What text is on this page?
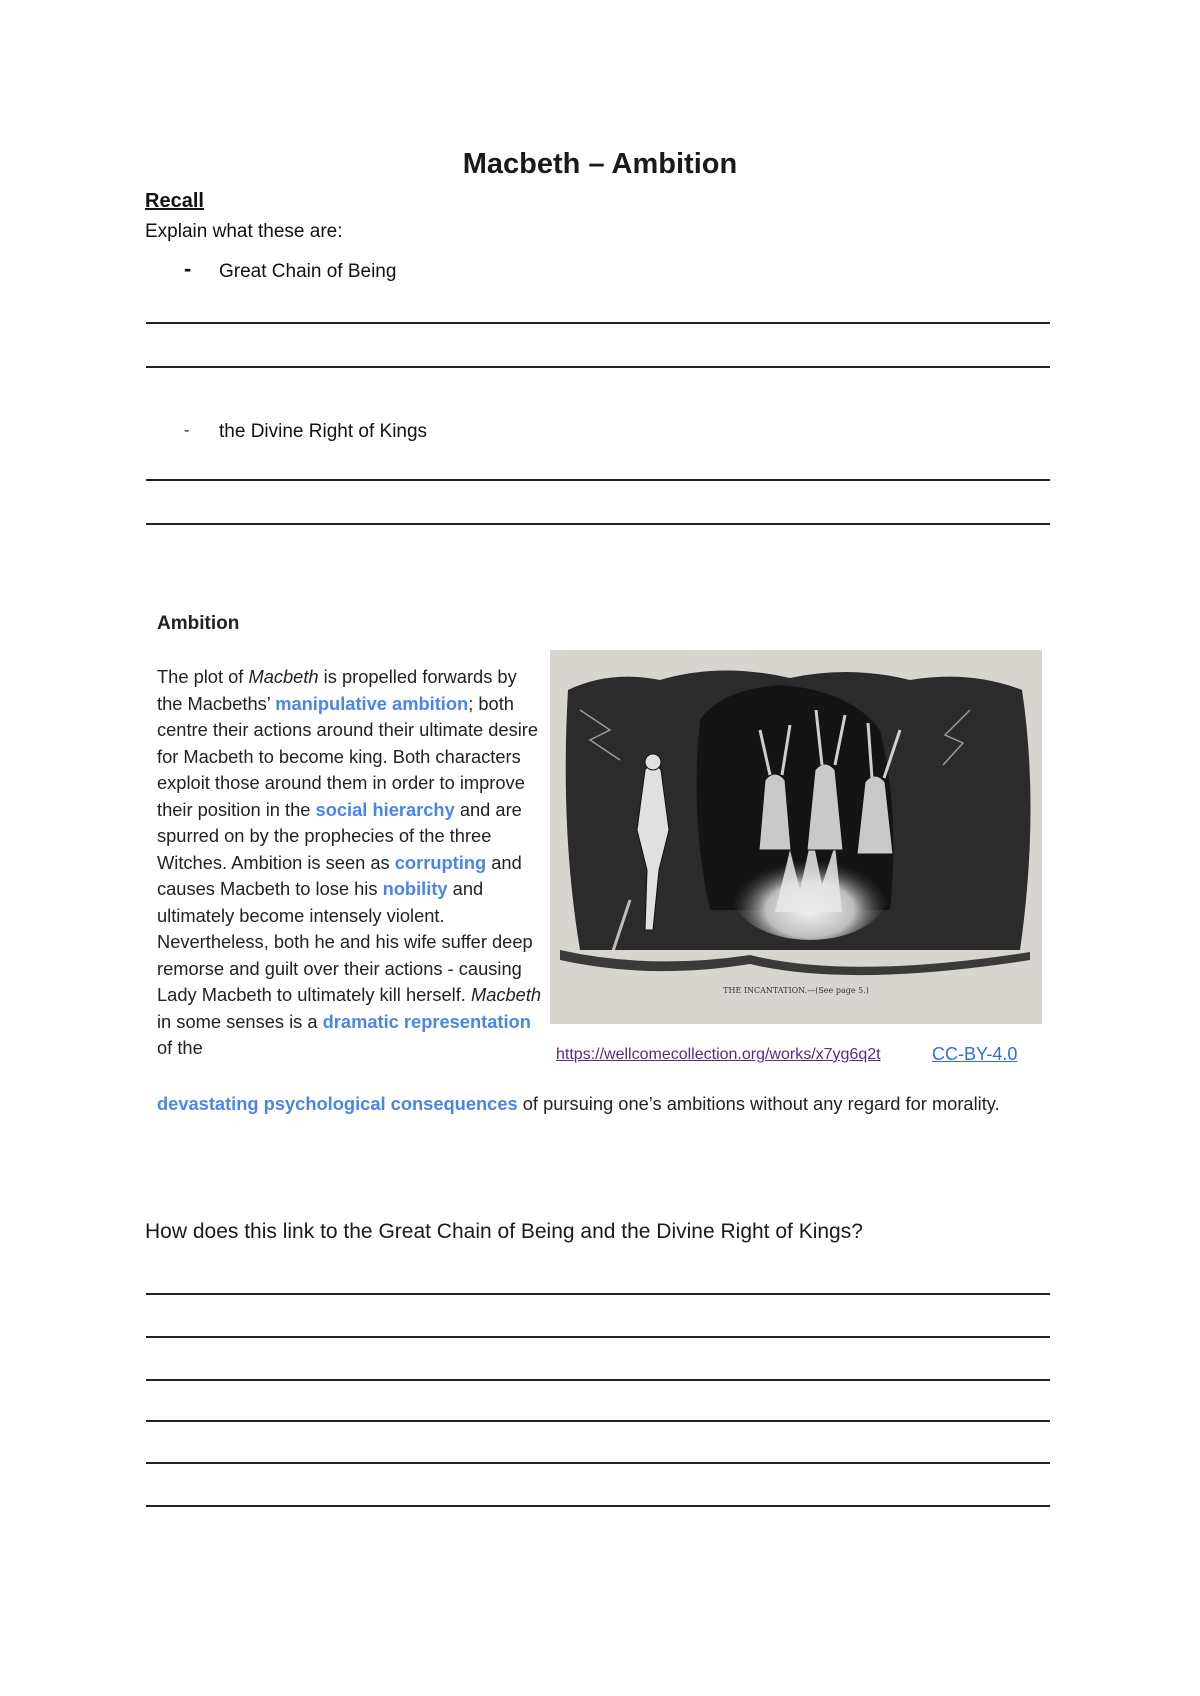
Macbeth – Ambition
Recall
Explain what these are:
- Great Chain of Being
- the Divine Right of Kings
Ambition
The plot of Macbeth is propelled forwards by the Macbeths’ manipulative ambition; both centre their actions around their ultimate desire for Macbeth to become king. Both characters exploit those around them in order to improve their position in the social hierarchy and are spurred on by the prophecies of the three Witches. Ambition is seen as corrupting and causes Macbeth to lose his nobility and ultimately become intensely violent. Nevertheless, both he and his wife suffer deep remorse and guilt over their actions - causing Lady Macbeth to ultimately kill herself. Macbeth in some senses is a dramatic representation of the
devastating psychological consequences of pursuing one’s ambitions without any regard for morality.
THE INCANTATION.—(See page 5.)
https://wellcomecollection.org/works/x7yg6q2t	CC-BY-4.0
How does this link to the Great Chain of Being and the Divine Right of Kings?
